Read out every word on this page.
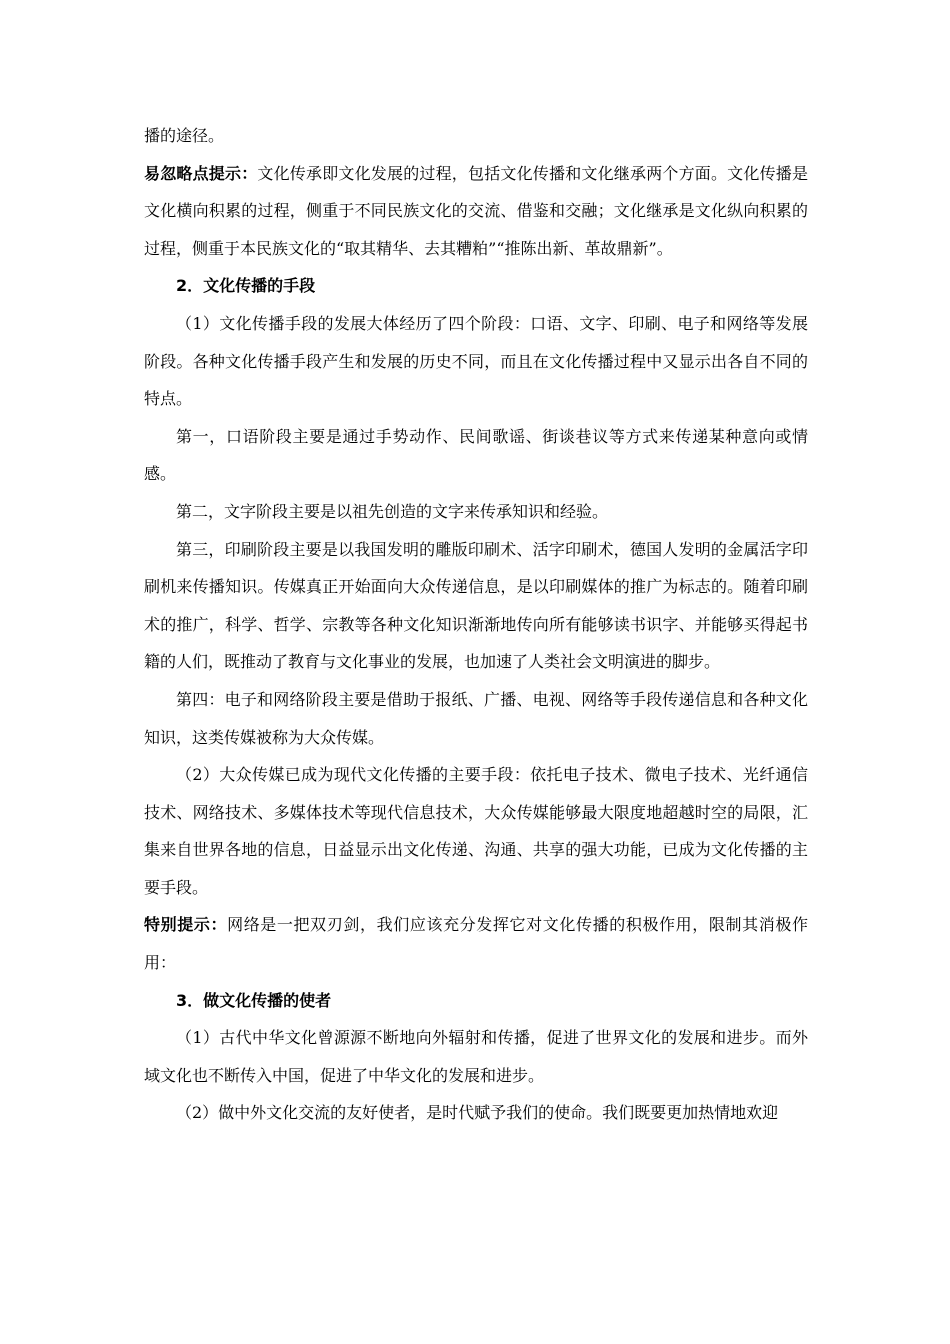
播的途径。

易忽略点提示：文化传承即文化发展的过程，包括文化传播和文化继承两个方面。文化传播是文化横向积累的过程，侧重于不同民族文化的交流、借鉴和交融；文化继承是文化纵向积累的过程，侧重于本民族文化的“取其精华、去其糟粕”“推陈出新、革故鼎新”。

2．文化传播的手段

（1）文化传播手段的发展大体经历了四个阶段：口语、文字、印刷、电子和网络等发展阶段。各种文化传播手段产生和发展的历史不同，而且在文化传播过程中又显示出各自不同的特点。

第一，口语阶段主要是通过手势动作、民间歌谣、街谈巷议等方式来传递某种意向或情感。

第二，文字阶段主要是以祖先创造的文字来传承知识和经验。

第三，印刷阶段主要是以我国发明的雕版印刷术、活字印刷术，德国人发明的金属活字印刷机来传播知识。传媒真正开始面向大众传递信息，是以印刷媒体的推广为标志的。随着印刷术的推广，科学、哲学、宗教等各种文化知识渐渐地传向所有能够读书识字、并能够买得起书籍的人们，既推动了教育与文化事业的发展，也加速了人类社会文明演进的脚步。

第四：电子和网络阶段主要是借助于报纸、广播、电视、网络等手段传递信息和各种文化知识，这类传媒被称为大众传媒。

（2）大众传媒已成为现代文化传播的主要手段：依托电子技术、微电子技术、光纤通信技术、网络技术、多媒体技术等现代信息技术，大众传媒能够最大限度地超越时空的局限，汇集来自世界各地的信息，日益显示出文化传递、沟通、共享的强大功能，已成为文化传播的主要手段。

特别提示：网络是一把双刃剑，我们应该充分发挥它对文化传播的积极作用，限制其消极作用：

3．做文化传播的使者

（1）古代中华文化曾源源不断地向外辐射和传播，促进了世界文化的发展和进步。而外域文化也不断传入中国，促进了中华文化的发展和进步。

（2）做中外文化交流的友好使者，是时代赋予我们的使命。我们既要更加热情地欢迎
